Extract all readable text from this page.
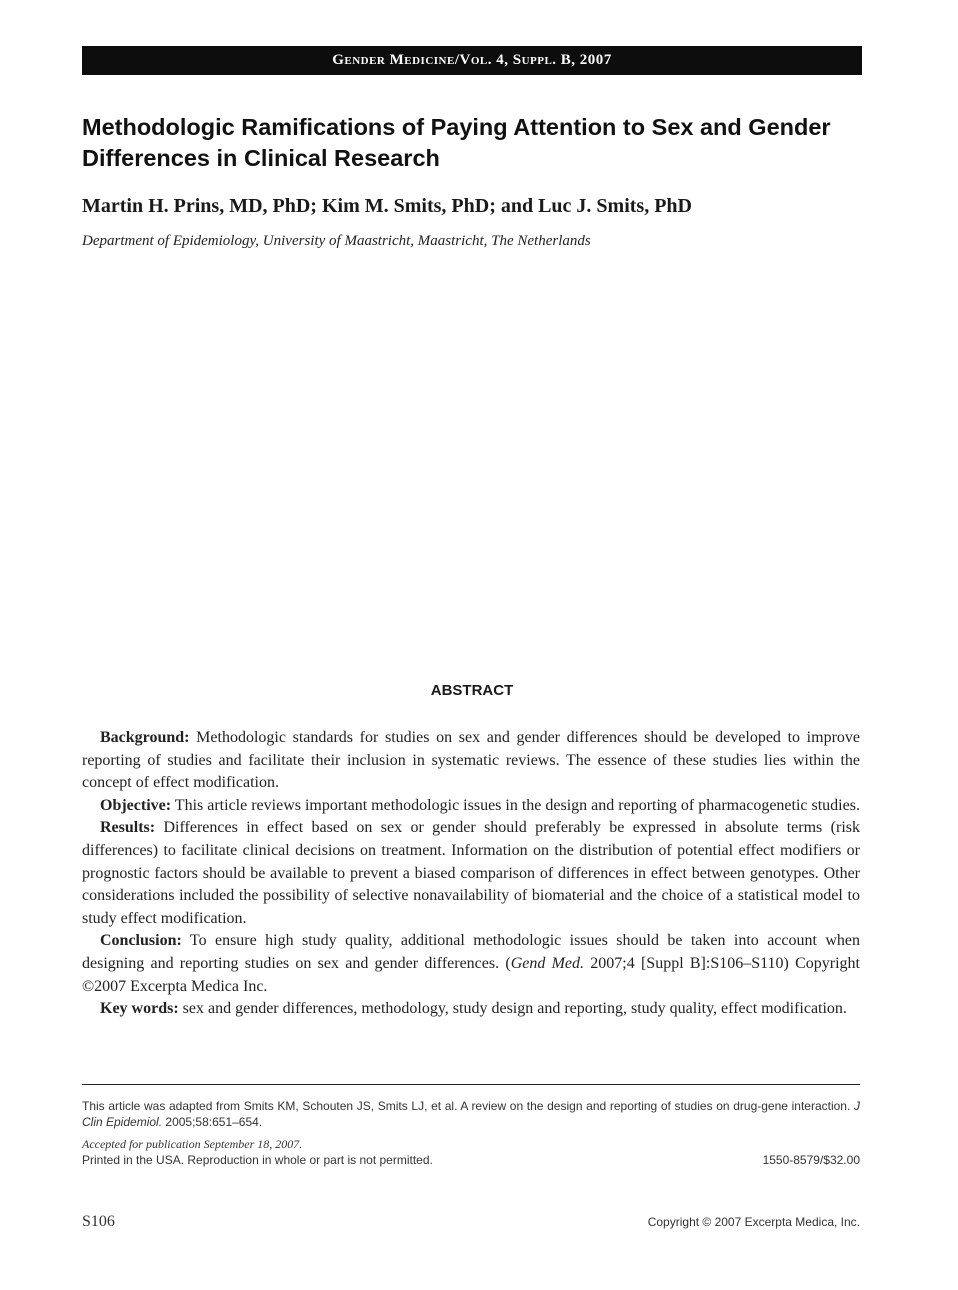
Gender Medicine/Vol. 4, Suppl. B, 2007
Methodologic Ramifications of Paying Attention to Sex and Gender Differences in Clinical Research
Martin H. Prins, MD, PhD; Kim M. Smits, PhD; and Luc J. Smits, PhD
Department of Epidemiology, University of Maastricht, Maastricht, The Netherlands
ABSTRACT

Background: Methodologic standards for studies on sex and gender differences should be developed to improve reporting of studies and facilitate their inclusion in systematic reviews. The essence of these studies lies within the concept of effect modification.

Objective: This article reviews important methodologic issues in the design and reporting of pharmacogenetic studies.

Results: Differences in effect based on sex or gender should preferably be expressed in absolute terms (risk differences) to facilitate clinical decisions on treatment. Information on the distribution of potential effect modifiers or prognostic factors should be available to prevent a biased comparison of differences in effect between genotypes. Other considerations included the possibility of selective nonavailability of biomaterial and the choice of a statistical model to study effect modification.

Conclusion: To ensure high study quality, additional methodologic issues should be taken into account when designing and reporting studies on sex and gender differences. (Gend Med. 2007;4 [Suppl B]:S106–S110) Copyright ©2007 Excerpta Medica Inc.

Key words: sex and gender differences, methodology, study design and reporting, study quality, effect modification.

This article was adapted from Smits KM, Schouten JS, Smits LJ, et al. A review on the design and reporting of studies on drug-gene interaction. J Clin Epidemiol. 2005;58:651–654.

Accepted for publication September 18, 2007.

Printed in the USA. Reproduction in whole or part is not permitted.	1550-8579/$32.00
S106	Copyright © 2007 Excerpta Medica, Inc.
